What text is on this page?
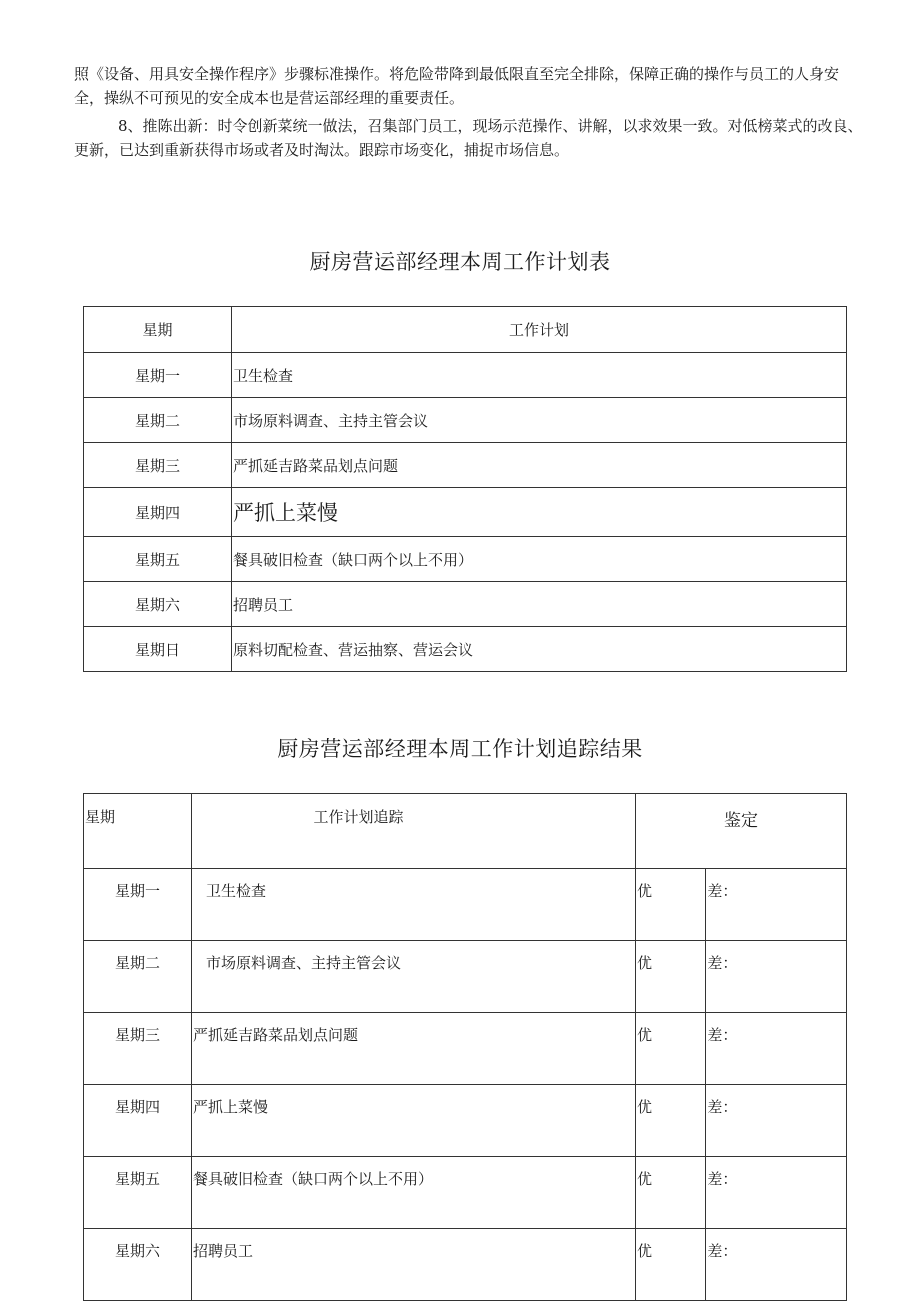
照《设备、用具安全操作程序》步骤标准操作。将危险带降到最低限直至完全排除，保障正确的操作与员工的人身安全，操纵不可预见的安全成本也是营运部经理的重要责任。

8、推陈出新：时令创新菜统一做法，召集部门员工，现场示范操作、讲解，以求效果一致。对低榜菜式的改良、更新，已达到重新获得市场或者及时淘汰。跟踪市场变化，捕捉市场信息。

厨房营运部经理本周工作计划表
星期	工作计划
星期一	卫生检查
星期二	市场原料调查、主持主管会议
星期三	严抓延吉路菜品划点问题
星期四	严抓上菜慢
星期五	餐具破旧检查（缺口两个以上不用）
星期六	招聘员工
星期日	原料切配检查、营运抽察、营运会议
厨房营运部经理本周工作计划追踪结果
星期	工作计划追踪	鉴定		
星期一	卫生检查	优	差：	
星期二	市场原料调查、主持主管会议	优	差：	
星期三	严抓延吉路菜品划点问题	优	差：	
星期四	严抓上菜慢	优	差：	
星期五	餐具破旧检查（缺口两个以上不用）	优	差：	
星期六	招聘员工	优	差：	
